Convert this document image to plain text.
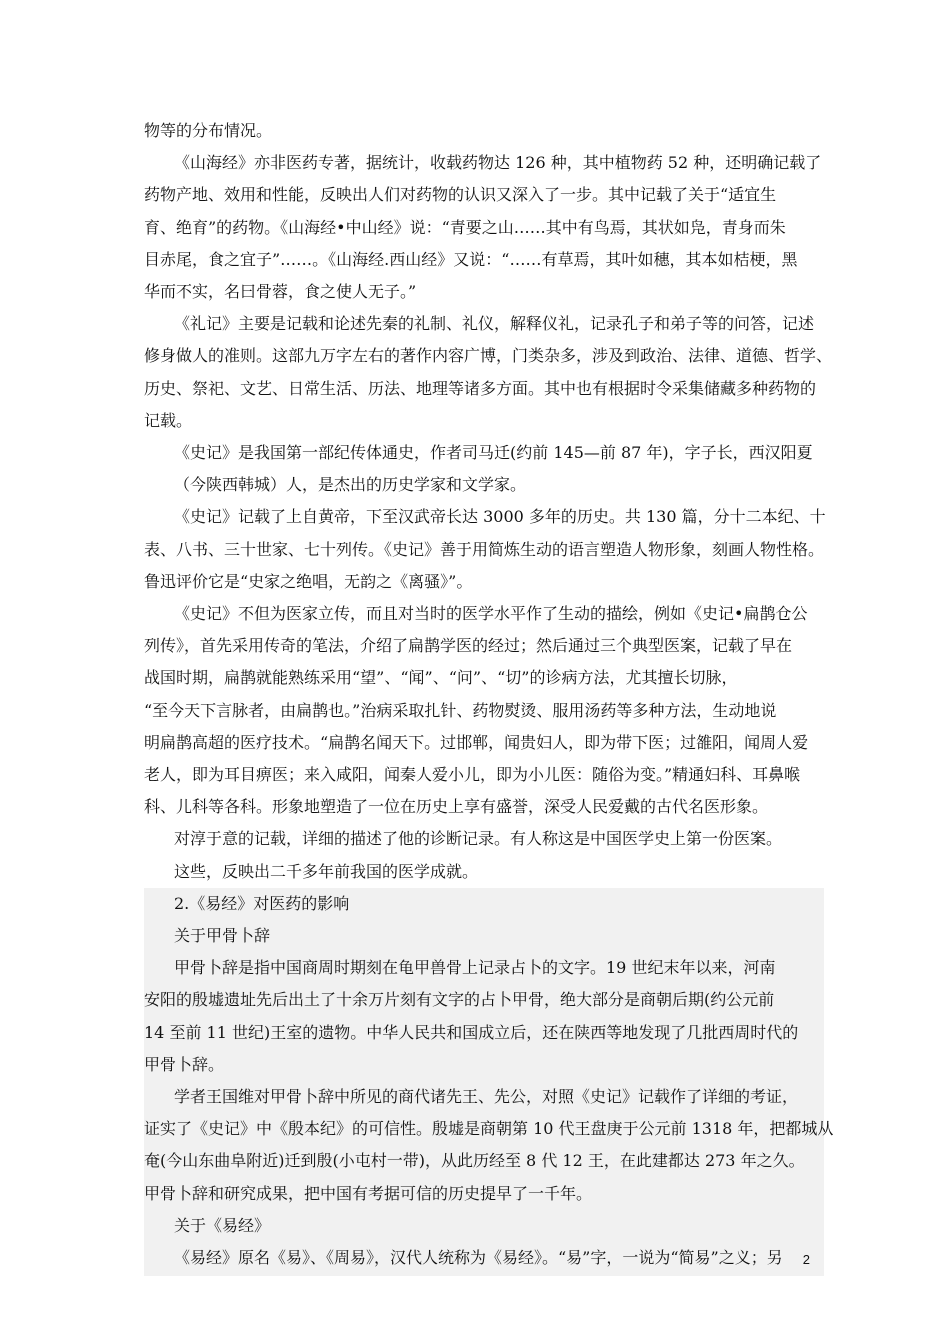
物等的分布情况。
《山海经》亦非医药专著，据统计，收载药物达 126 种，其中植物药 52 种，还明确记载了
药物产地、效用和性能，反映出人们对药物的认识又深入了一步。其中记载了关于“适宜生
育、绝育”的药物。《山海经•中山经》说：“青要之山……其中有鸟焉，其状如凫，青身而朱
目赤尾，食之宜子”……。《山海经.西山经》又说：“……有草焉，其叶如穗，其本如桔梗，黑
华而不实，名曰骨蓉，食之使人无子。”
《礼记》主要是记载和论述先秦的礼制、礼仪，解释仪礼，记录孔子和弟子等的问答，记述
修身做人的准则。这部九万字左右的著作内容广博，门类杂多，涉及到政治、法律、道德、哲学、
历史、祭祀、文艺、日常生活、历法、地理等诸多方面。其中也有根据时令采集储藏多种药物的
记载。
《史记》是我国第一部纪传体通史，作者司马迁(约前 145—前 87 年)，字子长，西汉阳夏
（今陕西韩城）人，是杰出的历史学家和文学家。
《史记》记载了上自黄帝，下至汉武帝长达 3000 多年的历史。共 130 篇，分十二本纪、十
表、八书、三十世家、七十列传。《史记》善于用简炼生动的语言塑造人物形象，刻画人物性格。
鲁迅评价它是“史家之绝唱，无韵之《离骚》”。
《史记》不但为医家立传，而且对当时的医学水平作了生动的描绘，例如《史记•扁鹊仓公
列传》，首先采用传奇的笔法，介绍了扁鹊学医的经过；然后通过三个典型医案，记载了早在
战国时期，扁鹊就能熟练采用“望”、“闻”、“问”、“切”的诊病方法，尤其擅长切脉，
“至今天下言脉者，由扁鹊也。”治病采取扎针、药物熨烫、服用汤药等多种方法，生动地说
明扁鹊高超的医疗技术。“扁鹊名闻天下。过邯郸，闻贵妇人，即为带下医；过雒阳，闻周人爱
老人，即为耳目痹医；来入咸阳，闻秦人爱小儿，即为小儿医：随俗为变。”精通妇科、耳鼻喉
科、儿科等各科。形象地塑造了一位在历史上享有盛誉，深受人民爱戴的古代名医形象。
对淳于意的记载，详细的描述了他的诊断记录。有人称这是中国医学史上第一份医案。
这些，反映出二千多年前我国的医学成就。
2.《易经》对医药的影响
关于甲骨卜辞
甲骨卜辞是指中国商周时期刻在龟甲兽骨上记录占卜的文字。19 世纪末年以来，河南
安阳的殷墟遗址先后出土了十余万片刻有文字的占卜甲骨，绝大部分是商朝后期(约公元前
14 至前 11 世纪)王室的遗物。中华人民共和国成立后，还在陕西等地发现了几批西周时代的
甲骨卜辞。
学者王国维对甲骨卜辞中所见的商代诸先王、先公，对照《史记》记载作了详细的考证，
证实了《史记》中《殷本纪》的可信性。殷墟是商朝第 10 代王盘庚于公元前 1318 年，把都城从
奄(今山东曲阜附近)迁到殷(小屯村一带)，从此历经至 8 代 12 王，在此建都达 273 年之久。
甲骨卜辞和研究成果，把中国有考据可信的历史提早了一千年。
关于《易经》
《易经》原名《易》、《周易》，汉代人统称为《易经》。“易”字，一说为“简易”之义；另	2
